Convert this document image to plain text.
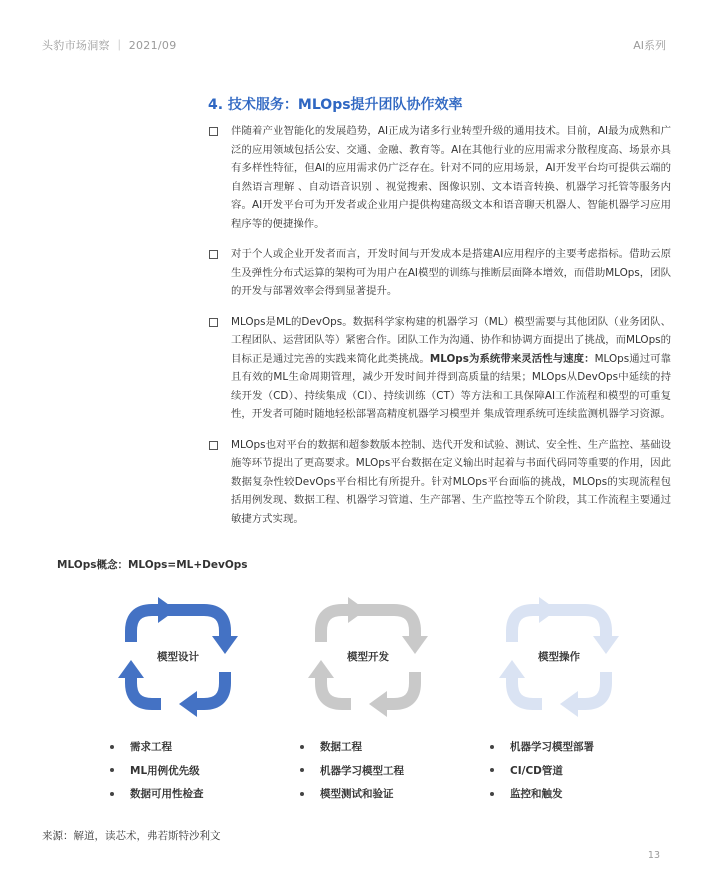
头豹市场洞察 ｜ 2021/09	AI系列
4. 技术服务：MLOps提升团队协作效率
伴随着产业智能化的发展趋势，AI正成为诸多行业转型升级的通用技术。目前，AI最为成熟和广泛的应用领域包括公安、交通、金融、教育等。AI在其他行业的应用需求分散程度高、场景亦具有多样性特征，但AI的应用需求仍广泛存在。针对不同的应用场景，AI开发平台均可提供云端的自然语言理解 、自动语音识别 、视觉搜索、图像识别、文本语音转换、机器学习托管等服务内容。AI开发平台可为开发者或企业用户提供构建高级文本和语音聊天机器人、智能机器学习应用程序等的便捷操作。
对于个人或企业开发者而言，开发时间与开发成本是搭建AI应用程序的主要考虑指标。借助云原生及弹性分布式运算的架构可为用户在AI模型的训练与推断层面降本增效，而借助MLOps，团队的开发与部署效率会得到显著提升。
MLOps是ML的DevOps。数据科学家构建的机器学习（ML）模型需要与其他团队（业务团队、工程团队、运营团队等）紧密合作。团队工作为沟通、协作和协调方面提出了挑战，而MLOps的目标正是通过完善的实践来简化此类挑战。MLOps为系统带来灵活性与速度：MLOps通过可靠且有效的ML生命周期管理，减少开发时间并得到高质量的结果；MLOps从DevOps中延续的持续开发（CD）、持续集成（CI）、持续训练（CT）等方法和工具保障AI工作流程和模型的可重复性，开发者可随时随地轻松部署高精度机器学习模型并 集成管理系统可连续监测机器学习资源。
MLOps也对平台的数据和超参数版本控制、迭代开发和试验、测试、安全性、生产监控、基础设施等环节提出了更高要求。MLOps平台数据在定义输出时起着与书面代码同等重要的作用，因此数据复杂性较DevOps平台相比有所提升。针对MLOps平台面临的挑战，MLOps的实现流程包括用例发现、数据工程、机器学习管道、生产部署、生产监控等五个阶段，其工作流程主要通过敏捷方式实现。
MLOps概念：MLOps=ML+DevOps
模型设计	模型开发	模型操作
需求工程
ML用例优先级
数据可用性检查
数据工程
机器学习模型工程
模型测试和验证
机器学习模型部署
CI/CD管道
监控和触发
来源：解道，读芯术，弗若斯特沙利文
13
